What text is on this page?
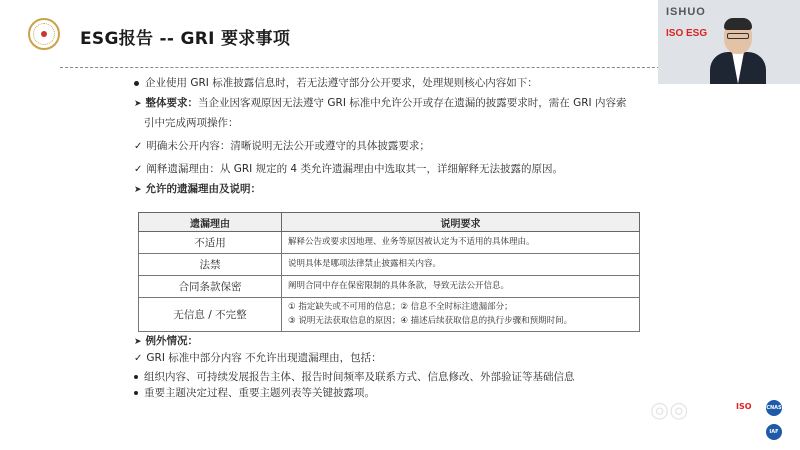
ESG报告 -- GRI 要求事项
ISHUO
ISO ESG
企业使用 GRI 标准披露信息时，若无法遵守部分公开要求，处理规则核心内容如下：
➤ 整体要求：当企业因客观原因无法遵守 GRI 标准中允许公开或存在遗漏的披露要求时，需在 GRI 内容索
引中完成两项操作：
✓ 明确未公开内容：清晰说明无法公开或遵守的具体披露要求；
✓ 阐释遗漏理由：从 GRI 规定的 4 类允许遗漏理由中选取其一，详细解释无法披露的原因。
➤ 允许的遗漏理由及说明：
遗漏理由	说明要求
不适用	解释公告或要求因地理、业务等原因被认定为不适用的具体理由。
法禁	说明具体是哪项法律禁止披露相关内容。
合同条款保密	阐明合同中存在保密限制的具体条款，导致无法公开信息。
无信息 / 不完整	① 指定缺失或不可用的信息；② 信息不全时标注遗漏部分；
③ 说明无法获取信息的原因；④ 描述后续获取信息的执行步骤和预期时间。
➤ 例外情况：
✓ GRI 标准中部分内容 不允许出现遗漏理由，包括：
组织内容、可持续发展报告主体、报告时间频率及联系方式、信息修改、外部验证等基础信息
重要主题决定过程、重要主题列表等关键披露项。
◎◎	ISO	CNAS
IAF
